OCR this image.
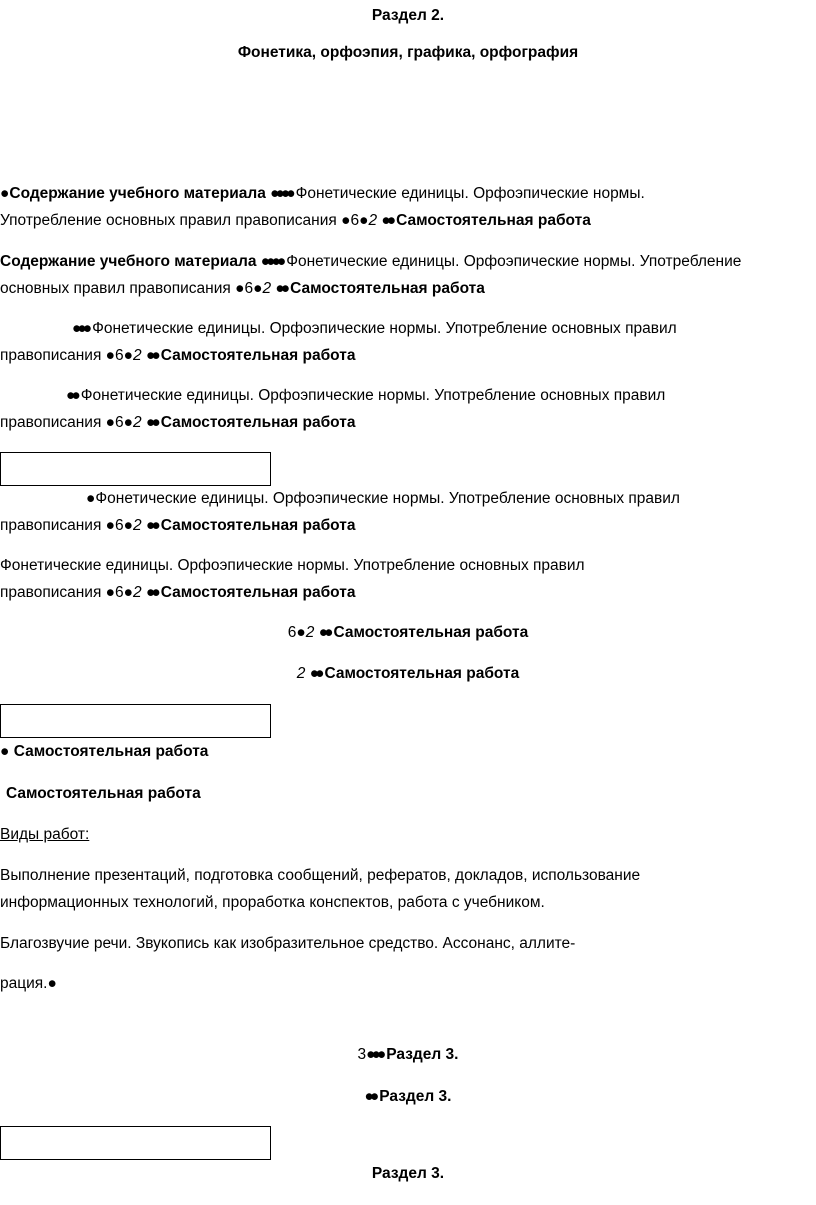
Раздел 2.
Фонетика, орфоэпия, графика, орфография
●Содержание учебного материала ●●●● Фонетические единицы. Орфоэпические нормы.
Употребление основных правил правописания ●6●2 ●● Самостоятельная работа
Содержание учебного материала ●●●● Фонетические единицы. Орфоэпические нормы. Употребление
основных правил правописания ●6●2 ●● Самостоятельная работа
●●● Фонетические единицы. Орфоэпические нормы. Употребление основных правил
правописания ●6●2 ●● Самостоятельная работа
●● Фонетические единицы. Орфоэпические нормы. Употребление основных правил
правописания ●6●2 ●● Самостоятельная работа
●Фонетические единицы. Орфоэпические нормы. Употребление основных правил
правописания ●6●2 ●● Самостоятельная работа
Фонетические единицы. Орфоэпические нормы. Употребление основных правил
правописания ●6●2 ●● Самостоятельная работа
6●2 ●● Самостоятельная работа
2 ●● Самостоятельная работа
● Самостоятельная работа
Самостоятельная работа
Виды работ:
Выполнение презентаций, подготовка сообщений, рефератов, докладов, использование
информационных технологий, проработка конспектов, работа с учебником.
Благозвучие речи. Звукопись как изобразительное средство. Ассонанс, аллите-
рация.●
3●●● Раздел 3.
●● Раздел 3.
Раздел 3.
